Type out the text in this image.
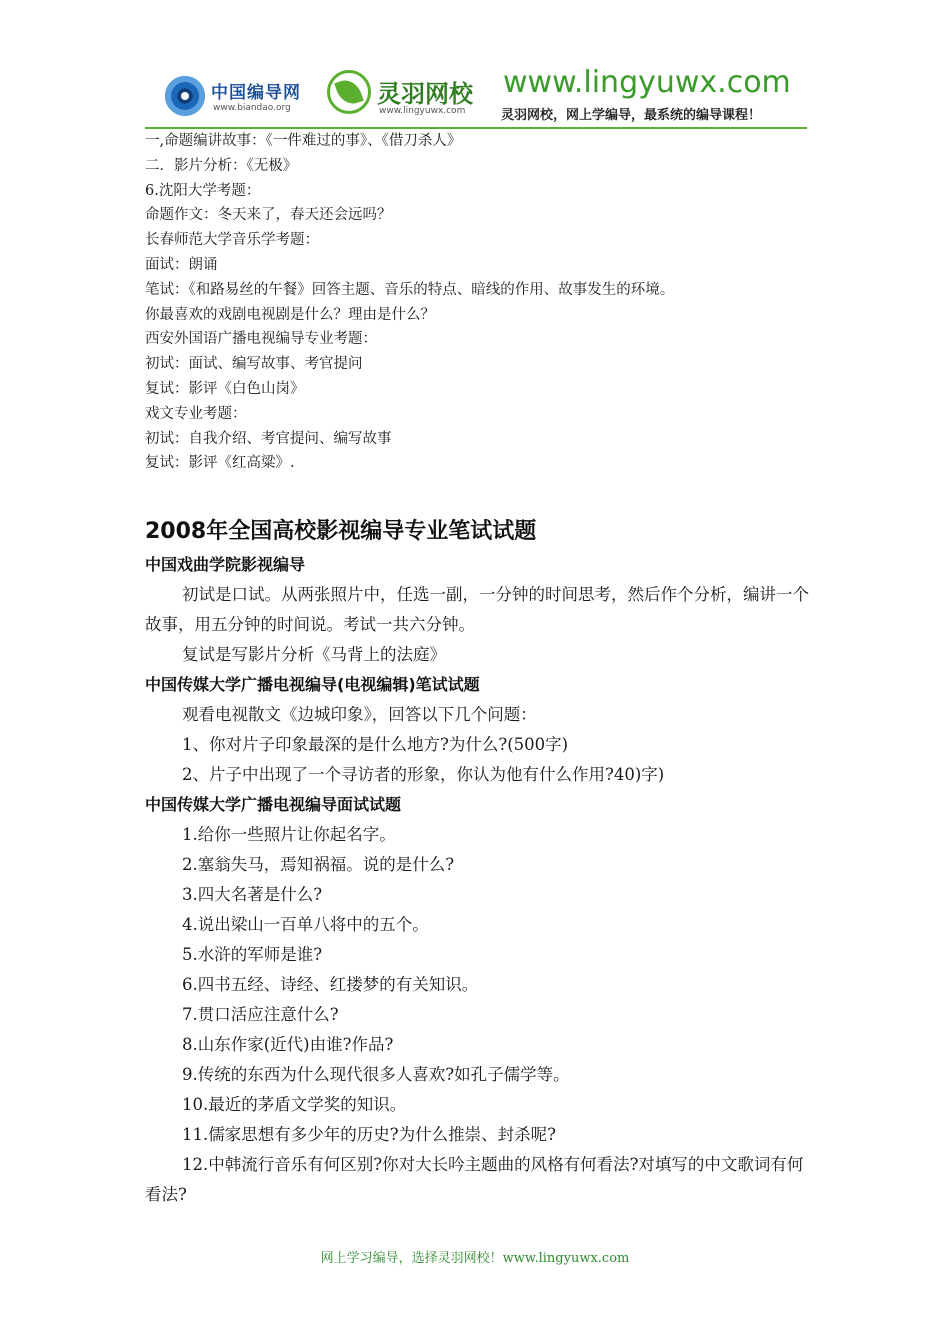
中国编导网
www.biandao.org	灵羽网校
www.lingyuwx.com
www.lingyuwx.com
灵羽网校，网上学编导，最系统的编导课程！
一,命题编讲故事：《一件难过的事》、《借刀杀人》
二．影片分析：《无极》
6.沈阳大学考题：
命题作文：冬天来了，春天还会远吗？
长春师范大学音乐学考题：
面试：朗诵
笔试：《和路易丝的午餐》回答主题、音乐的特点、暗线的作用、故事发生的环境。
你最喜欢的戏剧电视剧是什么？理由是什么？
西安外国语广播电视编导专业考题：
初试：面试、编写故事、考官提问
复试：影评《白色山岗》
戏文专业考题：
初试：自我介绍、考官提问、编写故事
复试：影评《红高粱》.
2008年全国高校影视编导专业笔试试题
中国戏曲学院影视编导
初试是口试。从两张照片中，任选一副，一分钟的时间思考，然后作个分析，编讲一个故事，用五分钟的时间说。考试一共六分钟。
复试是写影片分析《马背上的法庭》
中国传媒大学广播电视编导(电视编辑)笔试试题
观看电视散文《边城印象》，回答以下几个问题：
1、你对片子印象最深的是什么地方?为什么?(500字)
2、片子中出现了一个寻访者的形象，你认为他有什么作用?40)字)
中国传媒大学广播电视编导面试试题
1.给你一些照片让你起名字。
2.塞翁失马，焉知祸福。说的是什么?
3.四大名著是什么?
4.说出梁山一百单八将中的五个。
5.水浒的军师是谁?
6.四书五经、诗经、红搂梦的有关知识。
7.贯口活应注意什么?
8.山东作家(近代)由谁?作品?
9.传统的东西为什么现代很多人喜欢?如孔子儒学等。
10.最近的茅盾文学奖的知识。
11.儒家思想有多少年的历史?为什么推崇、封杀呢?
12.中韩流行音乐有何区别?你对大长吟主题曲的风格有何看法?对填写的中文歌词有何看法?
网上学习编导，选择灵羽网校！www.lingyuwx.com
